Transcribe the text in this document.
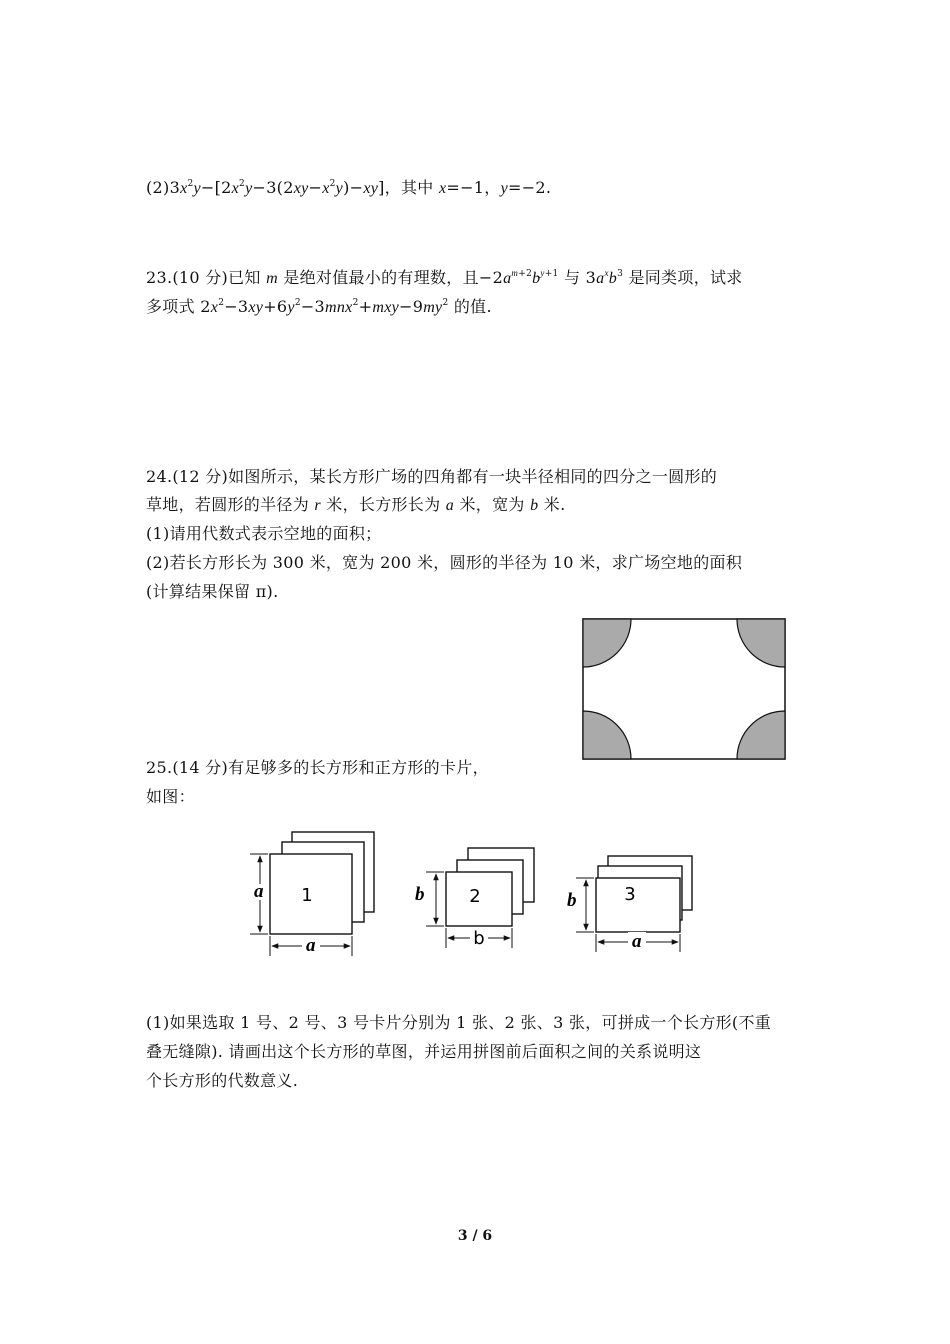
$(2)3x^2y-[2x^2y-3(2xy-x^2y)-xy]$，其中 x=−1，y=−2.
23.(10 分)已知 m 是绝对值最小的有理数，且$-2a^{m+2}b^{y+1}$ 与 $3a^xb^3$ 是同类项，试求
多项式 $2x^2-3xy+6y^2-3mnx^2+mxy-9my^2$ 的值.
24.(12 分)如图所示，某长方形广场的四角都有一块半径相同的四分之一圆形的
草地，若圆形的半径为 r 米，长方形长为 a 米，宽为 b 米.
(1)请用代数式表示空地的面积；
(2)若长方形长为 300 米，宽为 200 米，圆形的半径为 10 米，求广场空地的面积
(计算结果保留 π).
25.(14 分)有足够多的长方形和正方形的卡片，
如图：
1
a
a
2
b
b
3
b
a
(1)如果选取 1 号、2 号、3 号卡片分别为 1 张、2 张、3 张，可拼成一个长方形(不重
叠无缝隙). 请画出这个长方形的草图，并运用拼图前后面积之间的关系说明这
个长方形的代数意义.
3 / 6
